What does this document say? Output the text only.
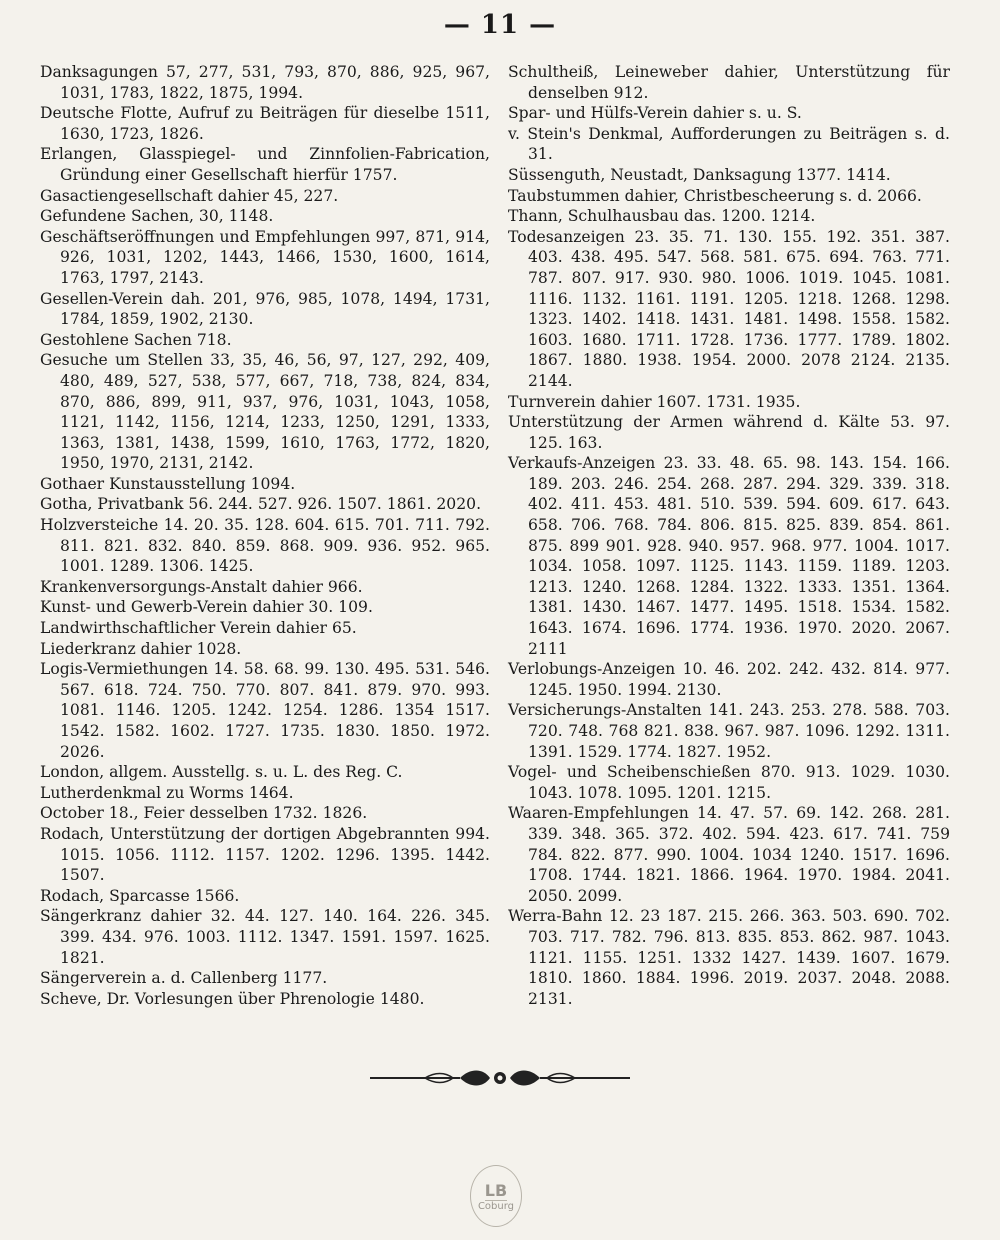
— 11 —

Danksagungen 57, 277, 531, 793, 870, 886, 925, 967, 1031, 1783, 1822, 1875, 1994.

Deutsche Flotte, Aufruf zu Beiträgen für dieselbe 1511, 1630, 1723, 1826.

Erlangen, Glasspiegel- und Zinnfolien-Fabrication, Gründung einer Gesellschaft hierfür 1757.

Gasactiengesellschaft dahier 45, 227.

Gefundene Sachen, 30, 1148.

Geschäftseröffnungen und Empfehlungen 997, 871, 914, 926, 1031, 1202, 1443, 1466, 1530, 1600, 1614, 1763, 1797, 2143.

Gesellen-Verein dah. 201, 976, 985, 1078, 1494, 1731, 1784, 1859, 1902, 2130.

Gestohlene Sachen 718.

Gesuche um Stellen 33, 35, 46, 56, 97, 127, 292, 409, 480, 489, 527, 538, 577, 667, 718, 738, 824, 834, 870, 886, 899, 911, 937, 976, 1031, 1043, 1058, 1121, 1142, 1156, 1214, 1233, 1250, 1291, 1333, 1363, 1381, 1438, 1599, 1610, 1763, 1772, 1820, 1950, 1970, 2131, 2142.

Gothaer Kunstausstellung 1094.

Gotha, Privatbank 56. 244. 527. 926. 1507. 1861. 2020.

Holzversteiche 14. 20. 35. 128. 604. 615. 701. 711. 792. 811. 821. 832. 840. 859. 868. 909. 936. 952. 965. 1001. 1289. 1306. 1425.

Krankenversorgungs-Anstalt dahier 966.

Kunst- und Gewerb-Verein dahier 30. 109.

Landwirthschaftlicher Verein dahier 65.

Liederkranz dahier 1028.

Logis-Vermiethungen 14. 58. 68. 99. 130. 495. 531. 546. 567. 618. 724. 750. 770. 807. 841. 879. 970. 993. 1081. 1146. 1205. 1242. 1254. 1286. 1354 1517. 1542. 1582. 1602. 1727. 1735. 1830. 1850. 1972. 2026.

London, allgem. Ausstellg. s. u. L. des Reg. C.

Lutherdenkmal zu Worms 1464.

October 18., Feier desselben 1732. 1826.

Rodach, Unterstützung der dortigen Abgebrannten 994. 1015. 1056. 1112. 1157. 1202. 1296. 1395. 1442. 1507.

Rodach, Sparcasse 1566.

Sängerkranz dahier 32. 44. 127. 140. 164. 226. 345. 399. 434. 976. 1003. 1112. 1347. 1591. 1597. 1625. 1821.

Sängerverein a. d. Callenberg 1177.

Scheve, Dr. Vorlesungen über Phrenologie 1480.

Schultheiß, Leineweber dahier, Unterstützung für denselben 912.

Spar- und Hülfs-Verein dahier s. u. S.

v. Stein's Denkmal, Aufforderungen zu Beiträgen s. d. 31.

Süssenguth, Neustadt, Danksagung 1377. 1414.

Taubstummen dahier, Christbescheerung s. d. 2066.

Thann, Schulhausbau das. 1200. 1214.

Todesanzeigen 23. 35. 71. 130. 155. 192. 351. 387. 403. 438. 495. 547. 568. 581. 675. 694. 763. 771. 787. 807. 917. 930. 980. 1006. 1019. 1045. 1081. 1116. 1132. 1161. 1191. 1205. 1218. 1268. 1298. 1323. 1402. 1418. 1431. 1481. 1498. 1558. 1582. 1603. 1680. 1711. 1728. 1736. 1777. 1789. 1802. 1867. 1880. 1938. 1954. 2000. 2078 2124. 2135. 2144.

Turnverein dahier 1607. 1731. 1935.

Unterstützung der Armen während d. Kälte 53. 97. 125. 163.

Verkaufs-Anzeigen 23. 33. 48. 65. 98. 143. 154. 166. 189. 203. 246. 254. 268. 287. 294. 329. 339. 318. 402. 411. 453. 481. 510. 539. 594. 609. 617. 643. 658. 706. 768. 784. 806. 815. 825. 839. 854. 861. 875. 899 901. 928. 940. 957. 968. 977. 1004. 1017. 1034. 1058. 1097. 1125. 1143. 1159. 1189. 1203. 1213. 1240. 1268. 1284. 1322. 1333. 1351. 1364. 1381. 1430. 1467. 1477. 1495. 1518. 1534. 1582. 1643. 1674. 1696. 1774. 1936. 1970. 2020. 2067. 2111

Verlobungs-Anzeigen 10. 46. 202. 242. 432. 814. 977. 1245. 1950. 1994. 2130.

Versicherungs-Anstalten 141. 243. 253. 278. 588. 703. 720. 748. 768 821. 838. 967. 987. 1096. 1292. 1311. 1391. 1529. 1774. 1827. 1952.

Vogel- und Scheibenschießen 870. 913. 1029. 1030. 1043. 1078. 1095. 1201. 1215.

Waaren-Empfehlungen 14. 47. 57. 69. 142. 268. 281. 339. 348. 365. 372. 402. 594. 423. 617. 741. 759 784. 822. 877. 990. 1004. 1034 1240. 1517. 1696. 1708. 1744. 1821. 1866. 1964. 1970. 1984. 2041. 2050. 2099.

Werra-Bahn 12. 23 187. 215. 266. 363. 503. 690. 702. 703. 717. 782. 796. 813. 835. 853. 862. 987. 1043. 1121. 1155. 1251. 1332 1427. 1439. 1607. 1679. 1810. 1860. 1884. 1996. 2019. 2037. 2048. 2088. 2131.

LB
Coburg
